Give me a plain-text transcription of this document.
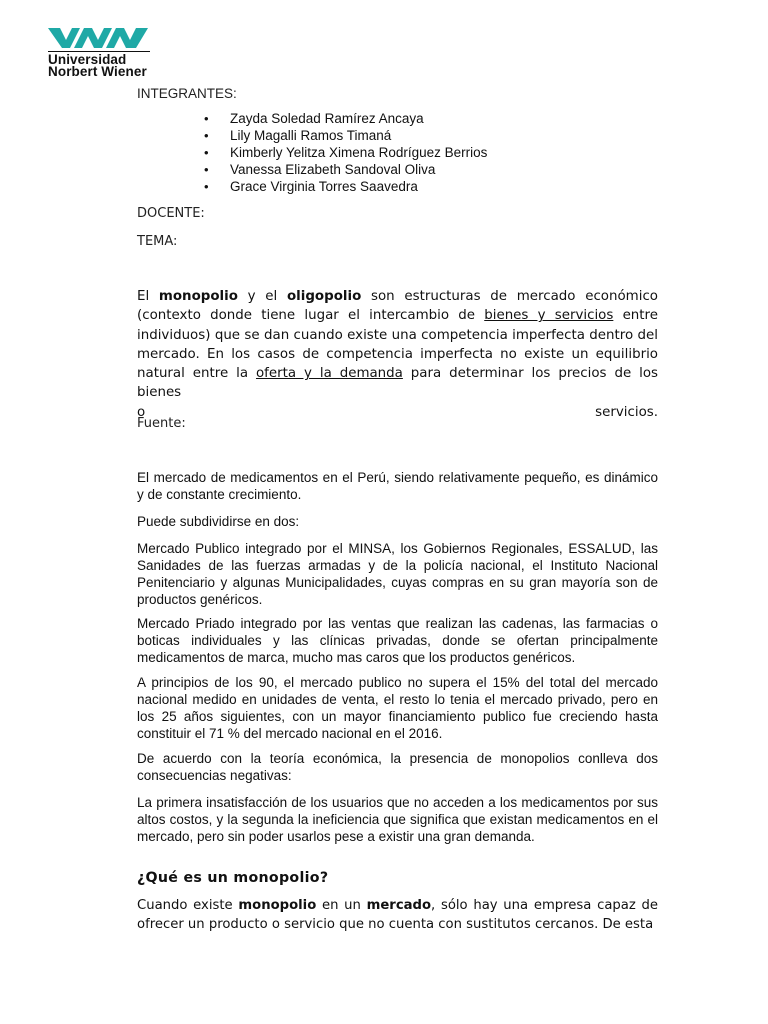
Universidad
Norbert Wiener
INTEGRANTES:
• Zayda Soledad Ramírez Ancaya
• Lily Magalli Ramos Timaná
• Kimberly Yelitza Ximena Rodríguez Berrios
• Vanessa Elizabeth Sandoval Oliva
• Grace Virginia Torres Saavedra
DOCENTE:
TEMA:
El monopolio y el oligopolio son estructuras de mercado económico (contexto donde tiene lugar el intercambio de bienes y servicios entre individuos) que se dan cuando existe una competencia imperfecta dentro del mercado. En los casos de competencia imperfecta no existe un equilibrio natural entre la oferta y la demanda para determinar los precios de los bienes
o servicios.
Fuente:

El mercado de medicamentos en el Perú, siendo relativamente pequeño, es dinámico y de constante crecimiento.

Puede subdividirse en dos:

Mercado Publico integrado por el MINSA, los Gobiernos Regionales, ESSALUD, las Sanidades de las fuerzas armadas y de la policía nacional, el Instituto Nacional Penitenciario y algunas Municipalidades, cuyas compras en su gran mayoría son de productos genéricos.

Mercado Priado integrado por las ventas que realizan las cadenas, las farmacias o boticas individuales y las clínicas privadas, donde se ofertan principalmente medicamentos de marca, mucho mas caros que los productos genéricos.

A principios de los 90, el mercado publico no supera el 15% del total del mercado nacional medido en unidades de venta, el resto lo tenia el mercado privado, pero en los 25 años siguientes, con un mayor financiamiento publico fue creciendo hasta constituir el 71 % del mercado nacional en el 2016.

De acuerdo con la teoría económica, la presencia de monopolios conlleva dos consecuencias negativas:

La primera insatisfacción de los usuarios que no acceden a los medicamentos por sus altos costos, y la segunda la ineficiencia que significa que existan medicamentos en el mercado, pero sin poder usarlos pese a existir una gran demanda.

¿Qué es un monopolio?

Cuando existe monopolio en un mercado, sólo hay una empresa capaz de ofrecer un producto o servicio que no cuenta con sustitutos cercanos. De esta
